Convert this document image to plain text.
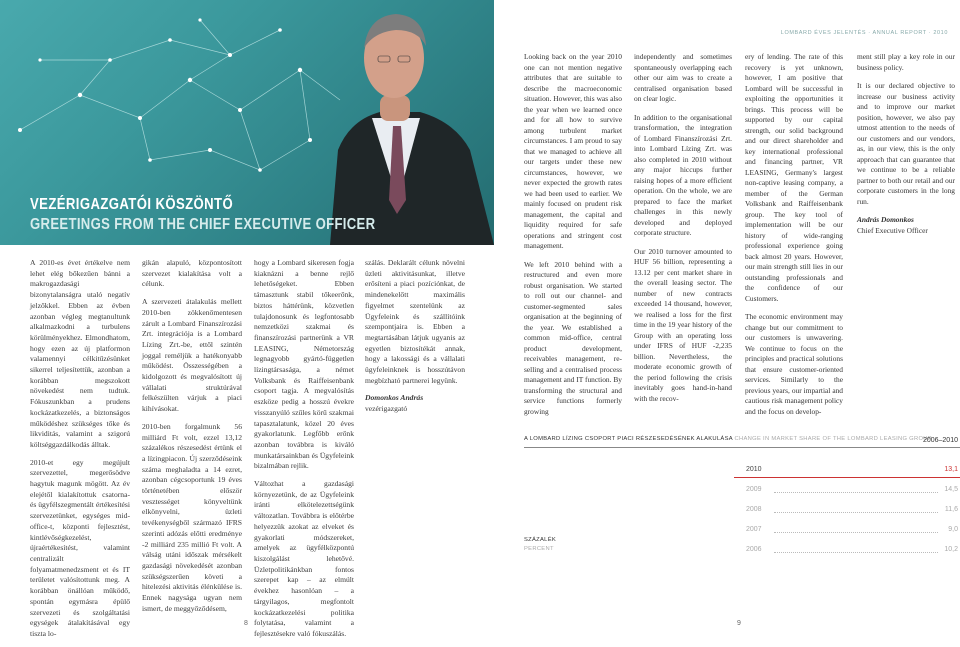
VEZÉRIGAZGATÓI KÖSZÖNTŐ
GREETINGS FROM THE CHIEF EXECUTIVE OFFICER

A 2010-es évet értékelve nem lehet elég bőkezűen bánni a makrogazdasági bizonytalanságra utaló negatív jelzőkkel. Ebben az évben azonban végleg megtanultunk alkalmazkodni a turbulens körülményekhez. Elmondhatom, hogy ezen az új platformon valamennyi célkitűzésünket sikerrel teljesítettük, azonban a korábban megszokott növekedést nem tudtuk. Fókuszunkban a prudens kockázatkezelés, a biztonságos működéshez szükséges tőke és likviditás, valamint a szigorú költséggazdálkodás álltak.

2010-et egy megújult szervezettel, megerősödve hagytuk magunk mögött. Az év elejétől kialakítottuk csatorna- és ügyfélszegmentált értékesítési szervezetünket, egységes mid-office-t, központi fejlesztést, kintlévőségkezelést, újraértékesítést, valamint centralizált folyamatmenedzsment et és IT területet valósítottunk meg. A korábban önállóan működő, spontán egymásra épülő szervezeti és szolgáltatási egységek átalakításával egy tiszta lo-

gikán alapuló, központosított szervezet kialakítása volt a célunk.

A szervezeti átalakulás mellett 2010-ben zökkenőmentesen zárult a Lombard Finanszírozási Zrt. integrációja is a Lombard Lízing Zrt.-be, ettől szintén joggal reméljük a hatékonyabb működést. Összességében a kidolgozott és megvalósított új vállalati struktúrával felkészülten várjuk a piaci kihívásokat.

2010-ben forgalmunk 56 milliárd Ft volt, ezzel 13,12 százalékos részesedést értünk el a lízingpiacon. Új szerződéseink száma meghaladta a 14 ezret, azonban cégcsoportunk 19 éves történetében először vesztességet könyveltünk elkönyvelni, üzleti tevékenységből származó IFRS szerinti adózás előtti eredménye -2 milliárd 235 millió Ft volt. A válság utáni időszak mérsékelt gazdasági növekedését azonban szükségszerűen követi a hitelezési aktivitás élénkülése is. Ennek nagysága ugyan nem ismert, de meggyőződésem,

hogy a Lombard sikeresen fogja kiaknázni a benne rejlő lehetőségeket. Ebben támasztunk stabil tőkeerőnk, biztos háttérünk, közvetlen tulajdonosunk és legfontosabb nemzetközi szakmai és finanszírozási partnerünk a VR LEASING, Németország legnagyobb gyártó-független lízingtársasága, a német Volksbank és Raiffeisenbank csoport tagja. A megvalósítás eszköze pedig a hosszú évekre visszanyúló szűles körű szakmai tapasztalatunk, közel 20 éves gyakorlatunk. Legfőbb erőnk azonban továbbra is kiváló munkatársainkban és Ügyfeleink bizalmában rejlik.

Változhat a gazdasági környezetünk, de az Ügyfeleink iránti elkötelezettségünk változatlan. Továbbra is előtérbe helyezzük azokat az elveket és gyakorlati módszereket, amelyek az ügyfélközpontú kiszolgálást lehetővé. Üzletpolitikánkban fontos szerepet kap – az elmúlt évekhez hasonlóan – a tárgyilagos, megfontolt kockázatkezelési politika folytatása, valamint a fejlesztésekre való fókuszálás.

szálás. Deklarált célunk növelni üzleti aktivitásunkat, illetve erősíteni a piaci pozíciónkat, de mindenekelőtt maximális figyelmet szentelünk az Ügyfeleink és szállítóink szempontjaira is. Ebben a megtartásában látjuk ugyanis az egyetlen biztosítékát annak, hogy a lakossági és a vállalati ügyfeleinknek is hosszútávon megbízható partnerei legyünk.

Domonkos András
vezérigazgató
8
LOMBARD ÉVES JELENTÉS · ANNUAL REPORT · 2010

Looking back on the year 2010 one can not mention negative attributes that are suitable to describe the macroeconomic situation. However, this was also the year when we learned once and for all how to survive among turbulent market circumstances. I am proud to say that we managed to achieve all our targets under these new circumstances, however, we never expected the growth rates we had been used to earlier. We mainly focused on prudent risk management, the capital and liquidity required for safe operations and stringent cost management.

We left 2010 behind with a restructured and even more robust organisation. We started to roll out our channel- and customer-segmented sales organisation at the beginning of the year. We established a common mid-office, central product development, receivables management, re-selling and a centralised process management and IT function. By transforming the structural and service functions formerly growing

independently and sometimes spontaneously overlapping each other our aim was to create a centralised organisation based on clear logic.

In addition to the organisational transformation, the integration of Lombard Finanszírozási Zrt. into Lombard Lízing Zrt. was also completed in 2010 without any major hiccups further raising hopes of a more efficient operation. On the whole, we are prepared to face the market challenges in this newly developed and deployed corporate structure.

Our 2010 turnover amounted to HUF 56 billion, representing a 13.12 per cent market share in the overall leasing sector. The number of new contracts exceeded 14 thousand, however, we realised a loss for the first time in the 19 year history of the Group with an operating loss under IFRS of HUF -2,235 billion. Nevertheless, the moderate economic growth of the period following the crisis inevitably goes hand-in-hand with the recov-

ery of lending. The rate of this recovery is yet unknown, however, I am positive that Lombard will be successful in exploiting the opportunities it brings. This process will be supported by our capital strength, our solid background and our direct shareholder and key international professional and financing partner, VR LEASING, Germany's largest non-captive leasing company, a member of the German Volksbank and Raiffeisenbank group. The key tool of implementation will be our history of wide-ranging professional experience going back almost 20 years. However, our main strength still lies in our outstanding professionals and the confidence of our Customers.

The economic environment may change but our commitment to our customers is unwavering. We continue to focus on the principles and practical solutions that ensure customer-oriented services. Similarly to the previous years, our impartial and cautious risk management policy and the focus on develop-

ment still play a key role in our business policy.

It is our declared objective to increase our business activity and to improve our market position, however, we also pay utmost attention to the needs of our customers and our vendors, as, in our view, this is the only approach that can guarantee that we continue to be a reliable partner to both our retail and our corporate customers in the long run.

András Domonkos
Chief Executive Officer
A LOMBARD LÍZING CSOPORT PIACI RÉSZESEDÉSÉNEK ALAKULÁSA CHANGE IN MARKET SHARE OF THE LOMBARD LEASING GROUP
2006–2010
SZÁZALÉK
PERCENT
2010	13,1
2009	14,5
2008	11,6
2007	9,0
2006	10,2
9
